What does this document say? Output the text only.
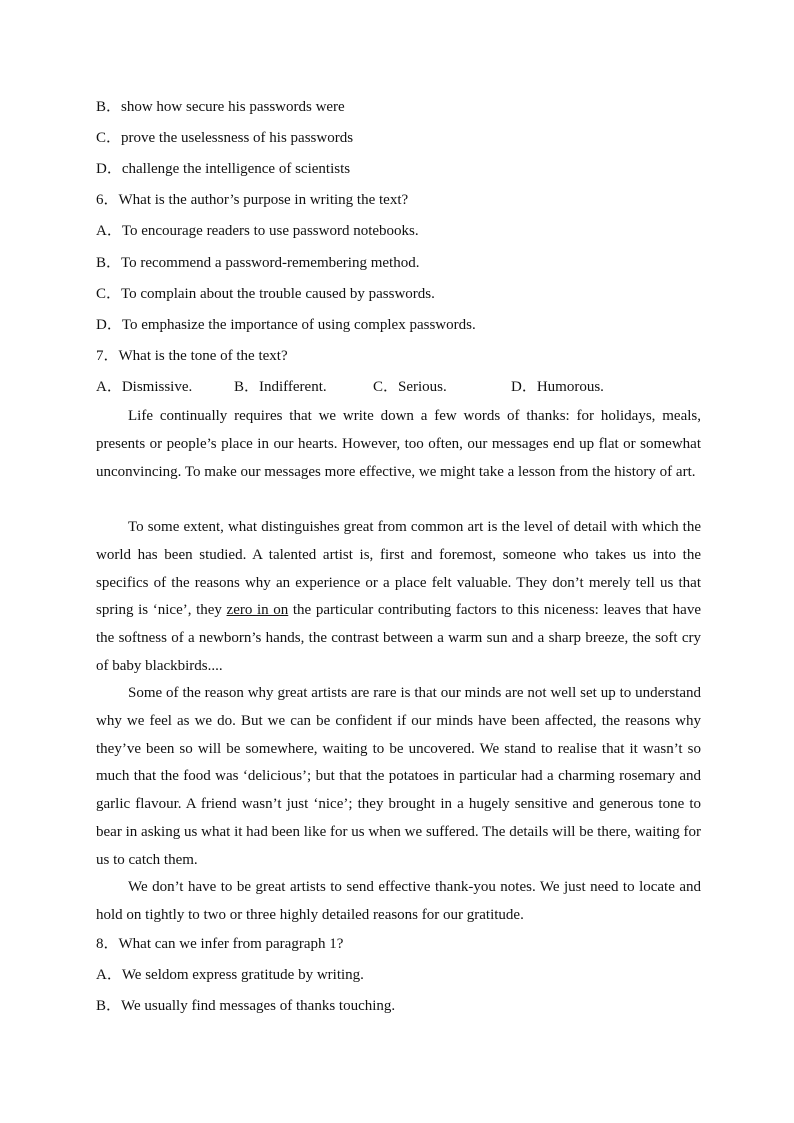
B．show how secure his passwords were
C．prove the uselessness of his passwords
D．challenge the intelligence of scientists
6．What is the author’s purpose in writing the text?
A．To encourage readers to use password notebooks.
B．To recommend a password-remembering method.
C．To complain about the trouble caused by passwords.
D．To emphasize the importance of using complex passwords.
7．What is the tone of the text?
A．Dismissive.	B．Indifferent.	C．Serious.	D．Humorous.
Life continually requires that we write down a few words of thanks: for holidays, meals, presents or people’s place in our hearts. However, too often, our messages end up flat or somewhat unconvincing. To make our messages more effective, we might take a lesson from the history of art.
To some extent, what distinguishes great from common art is the level of detail with which the world has been studied. A talented artist is, first and foremost, someone who takes us into the specifics of the reasons why an experience or a place felt valuable. They don’t merely tell us that spring is ‘nice’, they zero in on the particular contributing factors to this niceness: leaves that have the softness of a newborn’s hands, the contrast between a warm sun and a sharp breeze, the soft cry of baby blackbirds....
Some of the reason why great artists are rare is that our minds are not well set up to understand why we feel as we do. But we can be confident if our minds have been affected, the reasons why they’ve been so will be somewhere, waiting to be uncovered. We stand to realise that it wasn’t so much that the food was ‘delicious’; but that the potatoes in particular had a charming rosemary and garlic flavour. A friend wasn’t just ‘nice’; they brought in a hugely sensitive and generous tone to bear in asking us what it had been like for us when we suffered. The details will be there, waiting for us to catch them.
We don’t have to be great artists to send effective thank-you notes. We just need to locate and hold on tightly to two or three highly detailed reasons for our gratitude.
8．What can we infer from paragraph 1?
A．We seldom express gratitude by writing.
B．We usually find messages of thanks touching.
